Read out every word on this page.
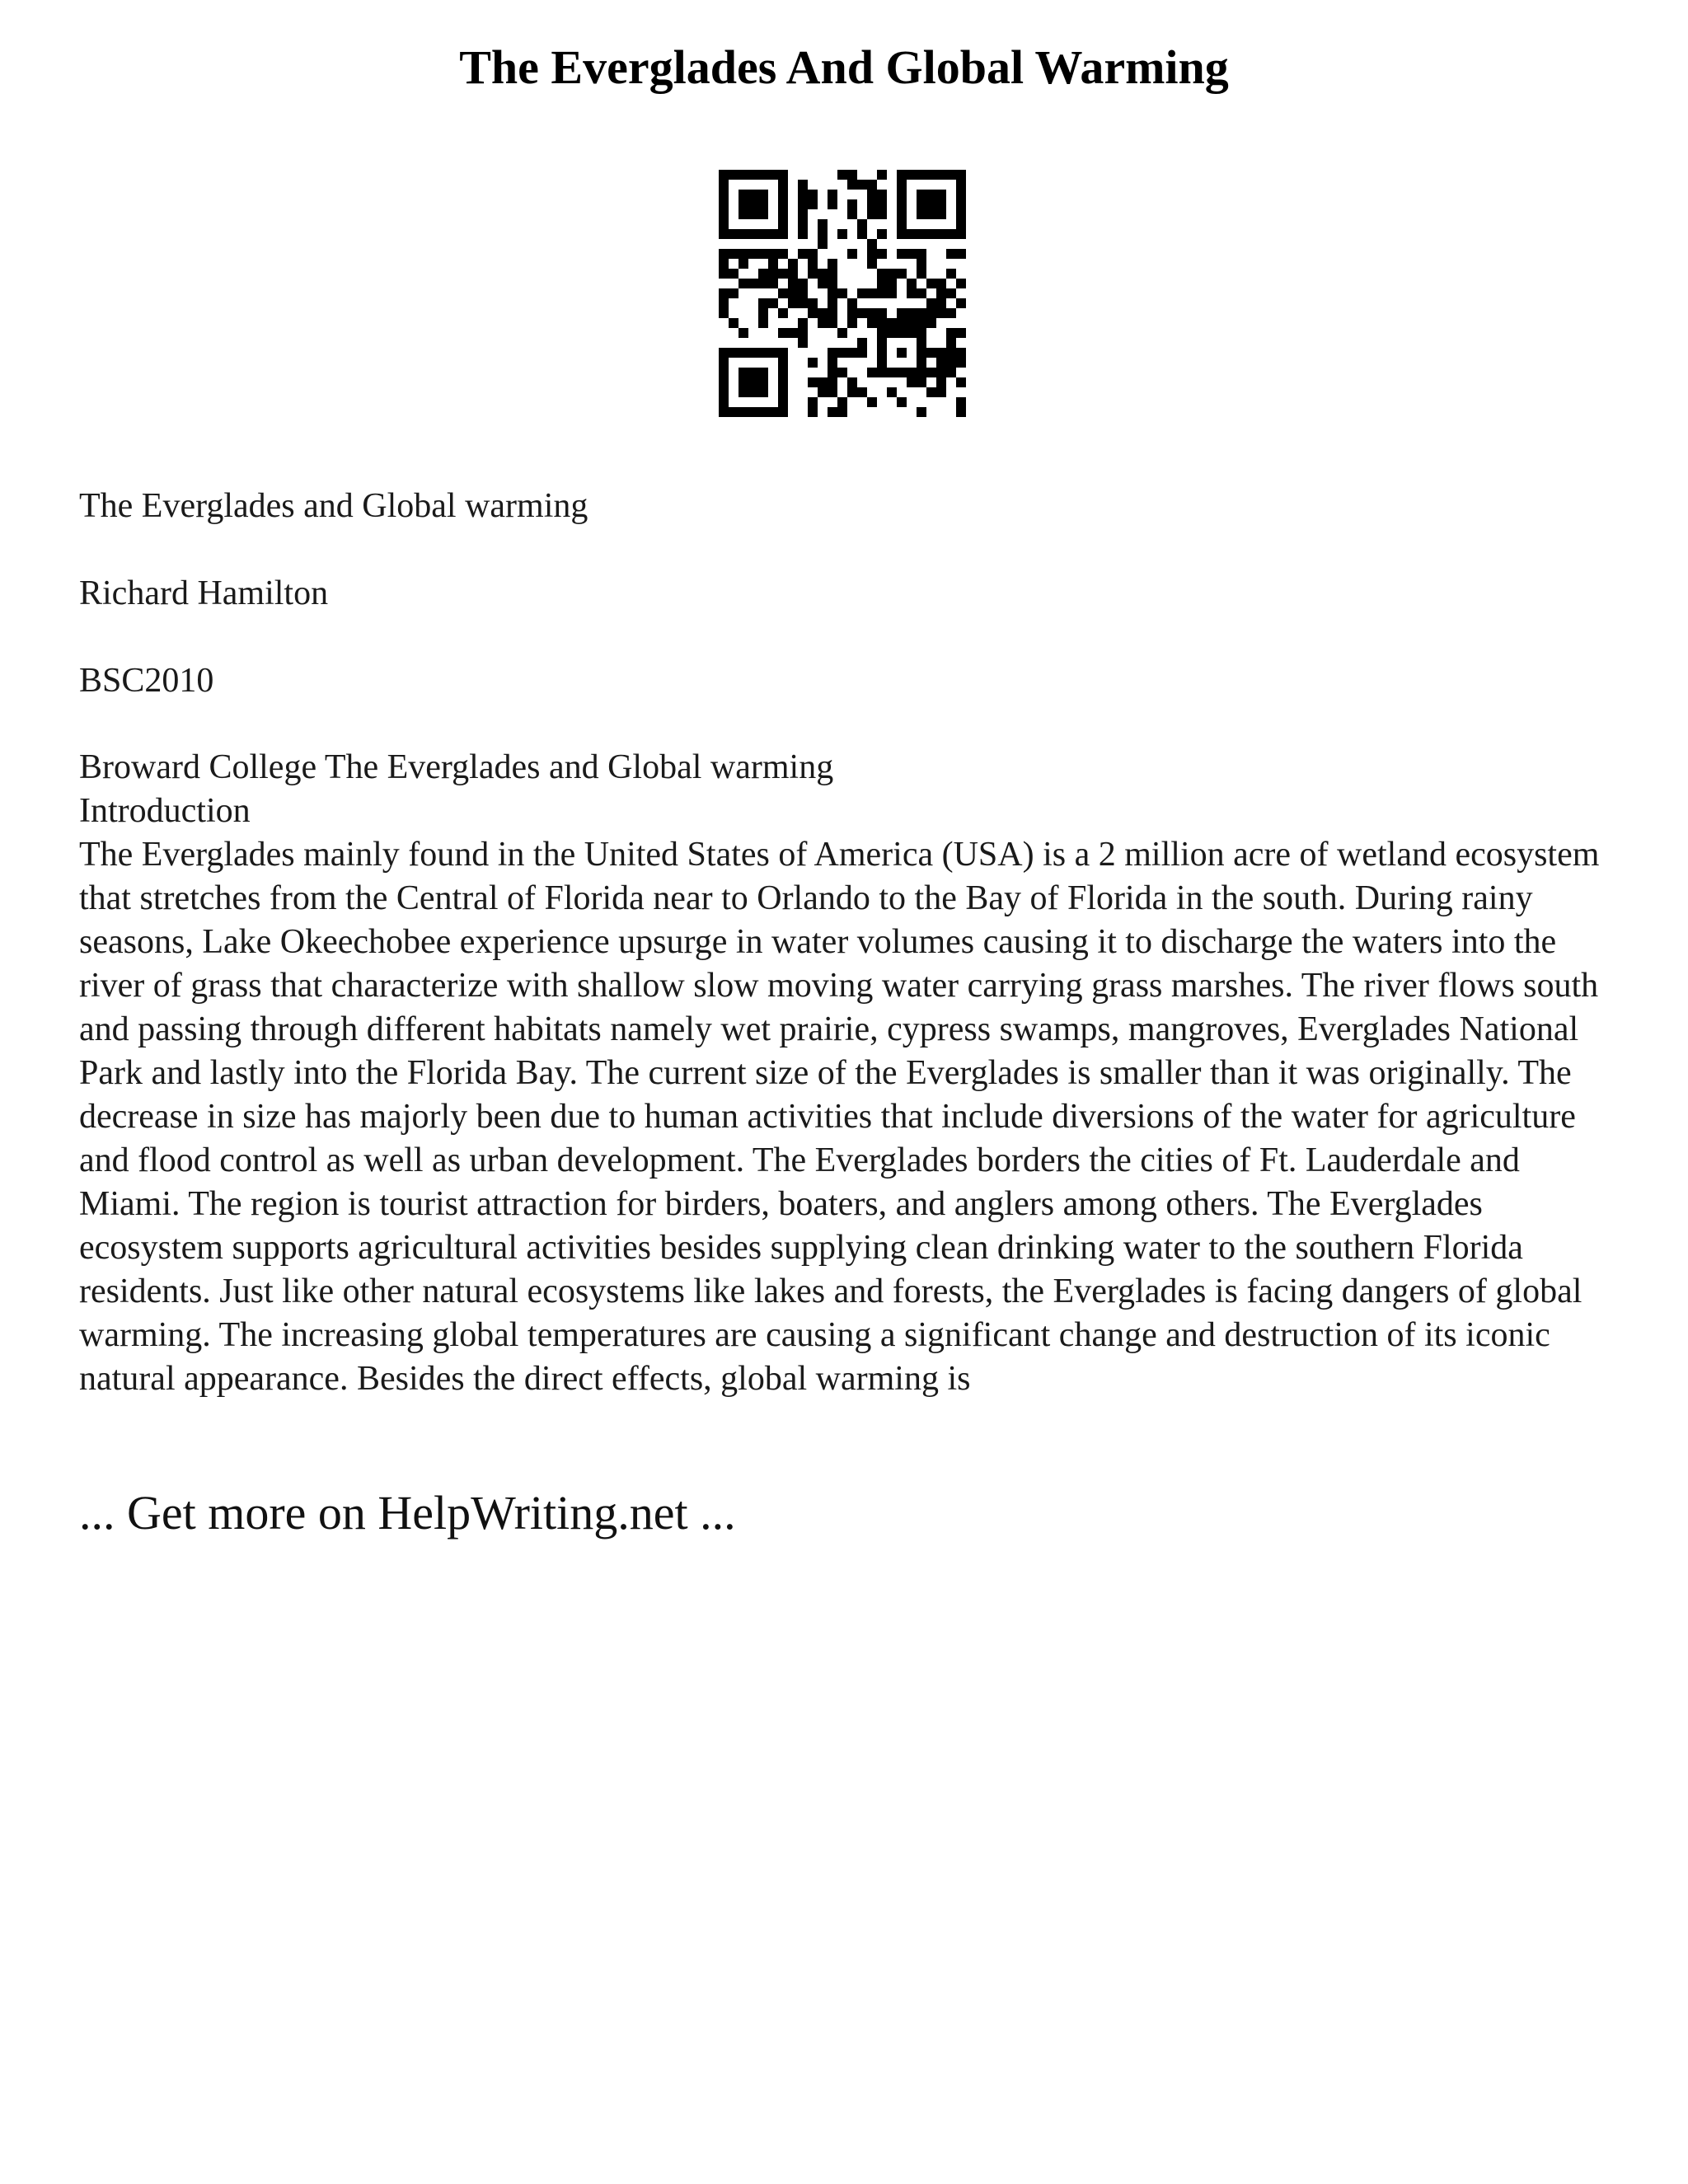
The Everglades And Global Warming
The Everglades and Global warming
Richard Hamilton
BSC2010

Broward College The Everglades and Global warming

Introduction

The Everglades mainly found in the United States of America (USA) is a 2 million acre of wetland ecosystem that stretches from the Central of Florida near to Orlando to the Bay of Florida in the south. During rainy seasons, Lake Okeechobee experience upsurge in water volumes causing it to discharge the waters into the river of grass that characterize with shallow slow moving water carrying grass marshes. The river flows south and passing through different habitats namely wet prairie, cypress swamps, mangroves, Everglades National Park and lastly into the Florida Bay. The current size of the Everglades is smaller than it was originally. The decrease in size has majorly been due to human activities that include diversions of the water for agriculture and flood control as well as urban development. The Everglades borders the cities of Ft. Lauderdale and Miami. The region is tourist attraction for birders, boaters, and anglers among others. The Everglades ecosystem supports agricultural activities besides supplying clean drinking water to the southern Florida residents. Just like other natural ecosystems like lakes and forests, the Everglades is facing dangers of global warming. The increasing global temperatures are causing a significant change and destruction of its iconic natural appearance. Besides the direct effects, global warming is

... Get more on HelpWriting.net ...
